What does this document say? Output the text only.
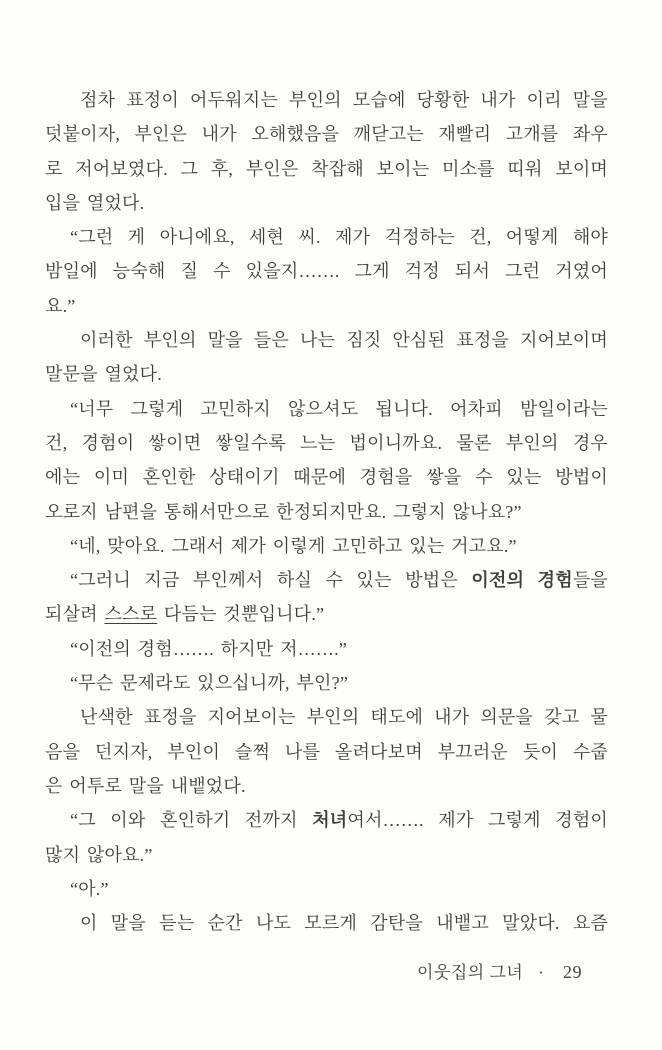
점차 표정이 어두워지는 부인의 모습에 당황한 내가 이리 말을
덧붙이자, 부인은 내가 오해했음을 깨닫고는 재빨리 고개를 좌우
로 저어보였다. 그 후, 부인은 착잡해 보이는 미소를 띠워 보이며
입을 열었다.
“그런 게 아니에요, 세현 씨. 제가 걱정하는 건, 어떻게 해야
밤일에 능숙해 질 수 있을지……. 그게 걱정 되서 그런 거였어
요.”
이러한 부인의 말을 들은 나는 짐짓 안심된 표정을 지어보이며
말문을 열었다.
“너무 그렇게 고민하지 않으셔도 됩니다. 어차피 밤일이라는
건, 경험이 쌓이면 쌓일수록 느는 법이니까요. 물론 부인의 경우
에는 이미 혼인한 상태이기 때문에 경험을 쌓을 수 있는 방법이
오로지 남편을 통해서만으로 한정되지만요. 그렇지 않나요?”
“네, 맞아요. 그래서 제가 이렇게 고민하고 있는 거고요.”
“그러니 지금 부인께서 하실 수 있는 방법은 이전의 경험들을
되살려 스스로 다듬는 것뿐입니다.”
“이전의 경험……. 하지만 저…….”
“무슨 문제라도 있으십니까, 부인?”
난색한 표정을 지어보이는 부인의 태도에 내가 의문을 갖고 물
음을 던지자, 부인이 슬쩍 나를 올려다보며 부끄러운 듯이 수줍
은 어투로 말을 내뱉었다.
“그 이와 혼인하기 전까지 처녀여서……. 제가 그렇게 경험이
많지 않아요.”
“아.”
이 말을 듣는 순간 나도 모르게 감탄을 내뱉고 말았다. 요즘
이웃집의 그녀 · 29
